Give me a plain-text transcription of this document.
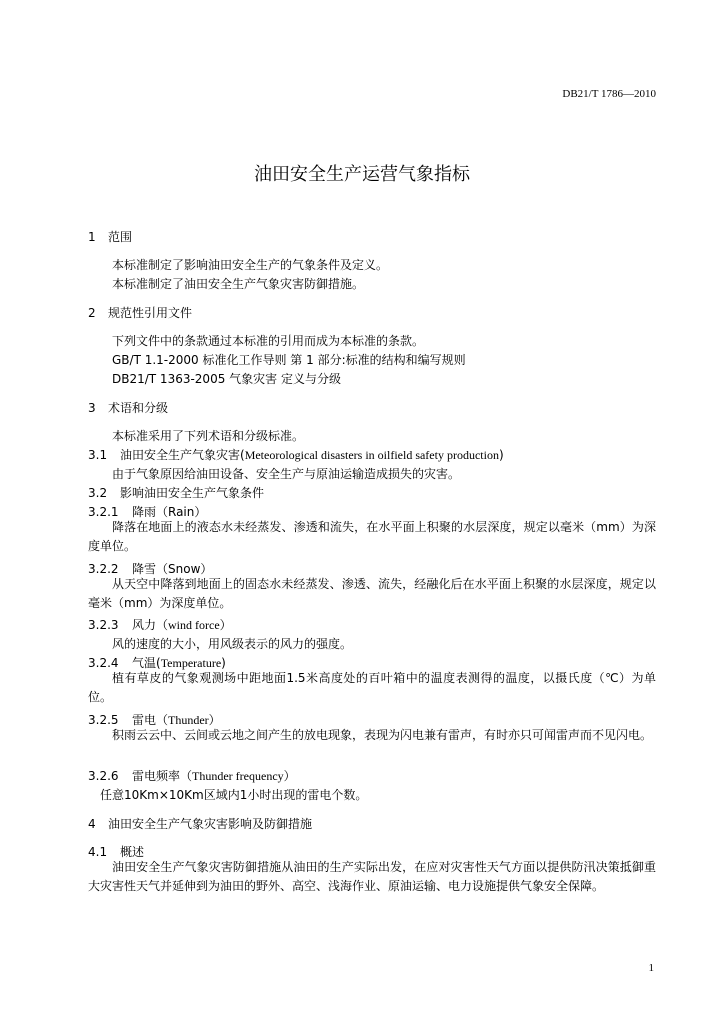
DB21/T 1786—2010
油田安全生产运营气象指标
1 范围
本标准制定了影响油田安全生产的气象条件及定义。
本标准制定了油田安全生产气象灾害防御措施。
2 规范性引用文件
下列文件中的条款通过本标准的引用而成为本标准的条款。
GB/T 1.1-2000 标准化工作导则 第 1 部分:标准的结构和编写规则
DB21/T 1363-2005 气象灾害 定义与分级
3 术语和分级
本标准采用了下列术语和分级标准。
3.1 油田安全生产气象灾害(Meteorological disasters in oilfield safety production)
由于气象原因给油田设备、安全生产与原油运输造成损失的灾害。
3.2 影响油田安全生产气象条件
3.2.1 降雨（Rain）
降落在地面上的液态水未经蒸发、渗透和流失，在水平面上积聚的水层深度，规定以毫米（mm）为深度单位。
3.2.2 降雪（Snow）
从天空中降落到地面上的固态水未经蒸发、渗透、流失，经融化后在水平面上积聚的水层深度，规定以毫米（mm）为深度单位。
3.2.3 风力（wind force）
风的速度的大小，用风级表示的风力的强度。
3.2.4 气温(Temperature)
植有草皮的气象观测场中距地面1.5米高度处的百叶箱中的温度表测得的温度，以摄氏度（℃）为单位。
3.2.5 雷电（Thunder）
积雨云云中、云间或云地之间产生的放电现象，表现为闪电兼有雷声，有时亦只可闻雷声而不见闪电。
3.2.6 雷电频率（Thunder frequency）
任意10Km×10Km区域内1小时出现的雷电个数。
4 油田安全生产气象灾害影响及防御措施
4.1 概述
油田安全生产气象灾害防御措施从油田的生产实际出发，在应对灾害性天气方面以提供防汛决策抵御重大灾害性天气并延伸到为油田的野外、高空、浅海作业、原油运输、电力设施提供气象安全保障。
1
